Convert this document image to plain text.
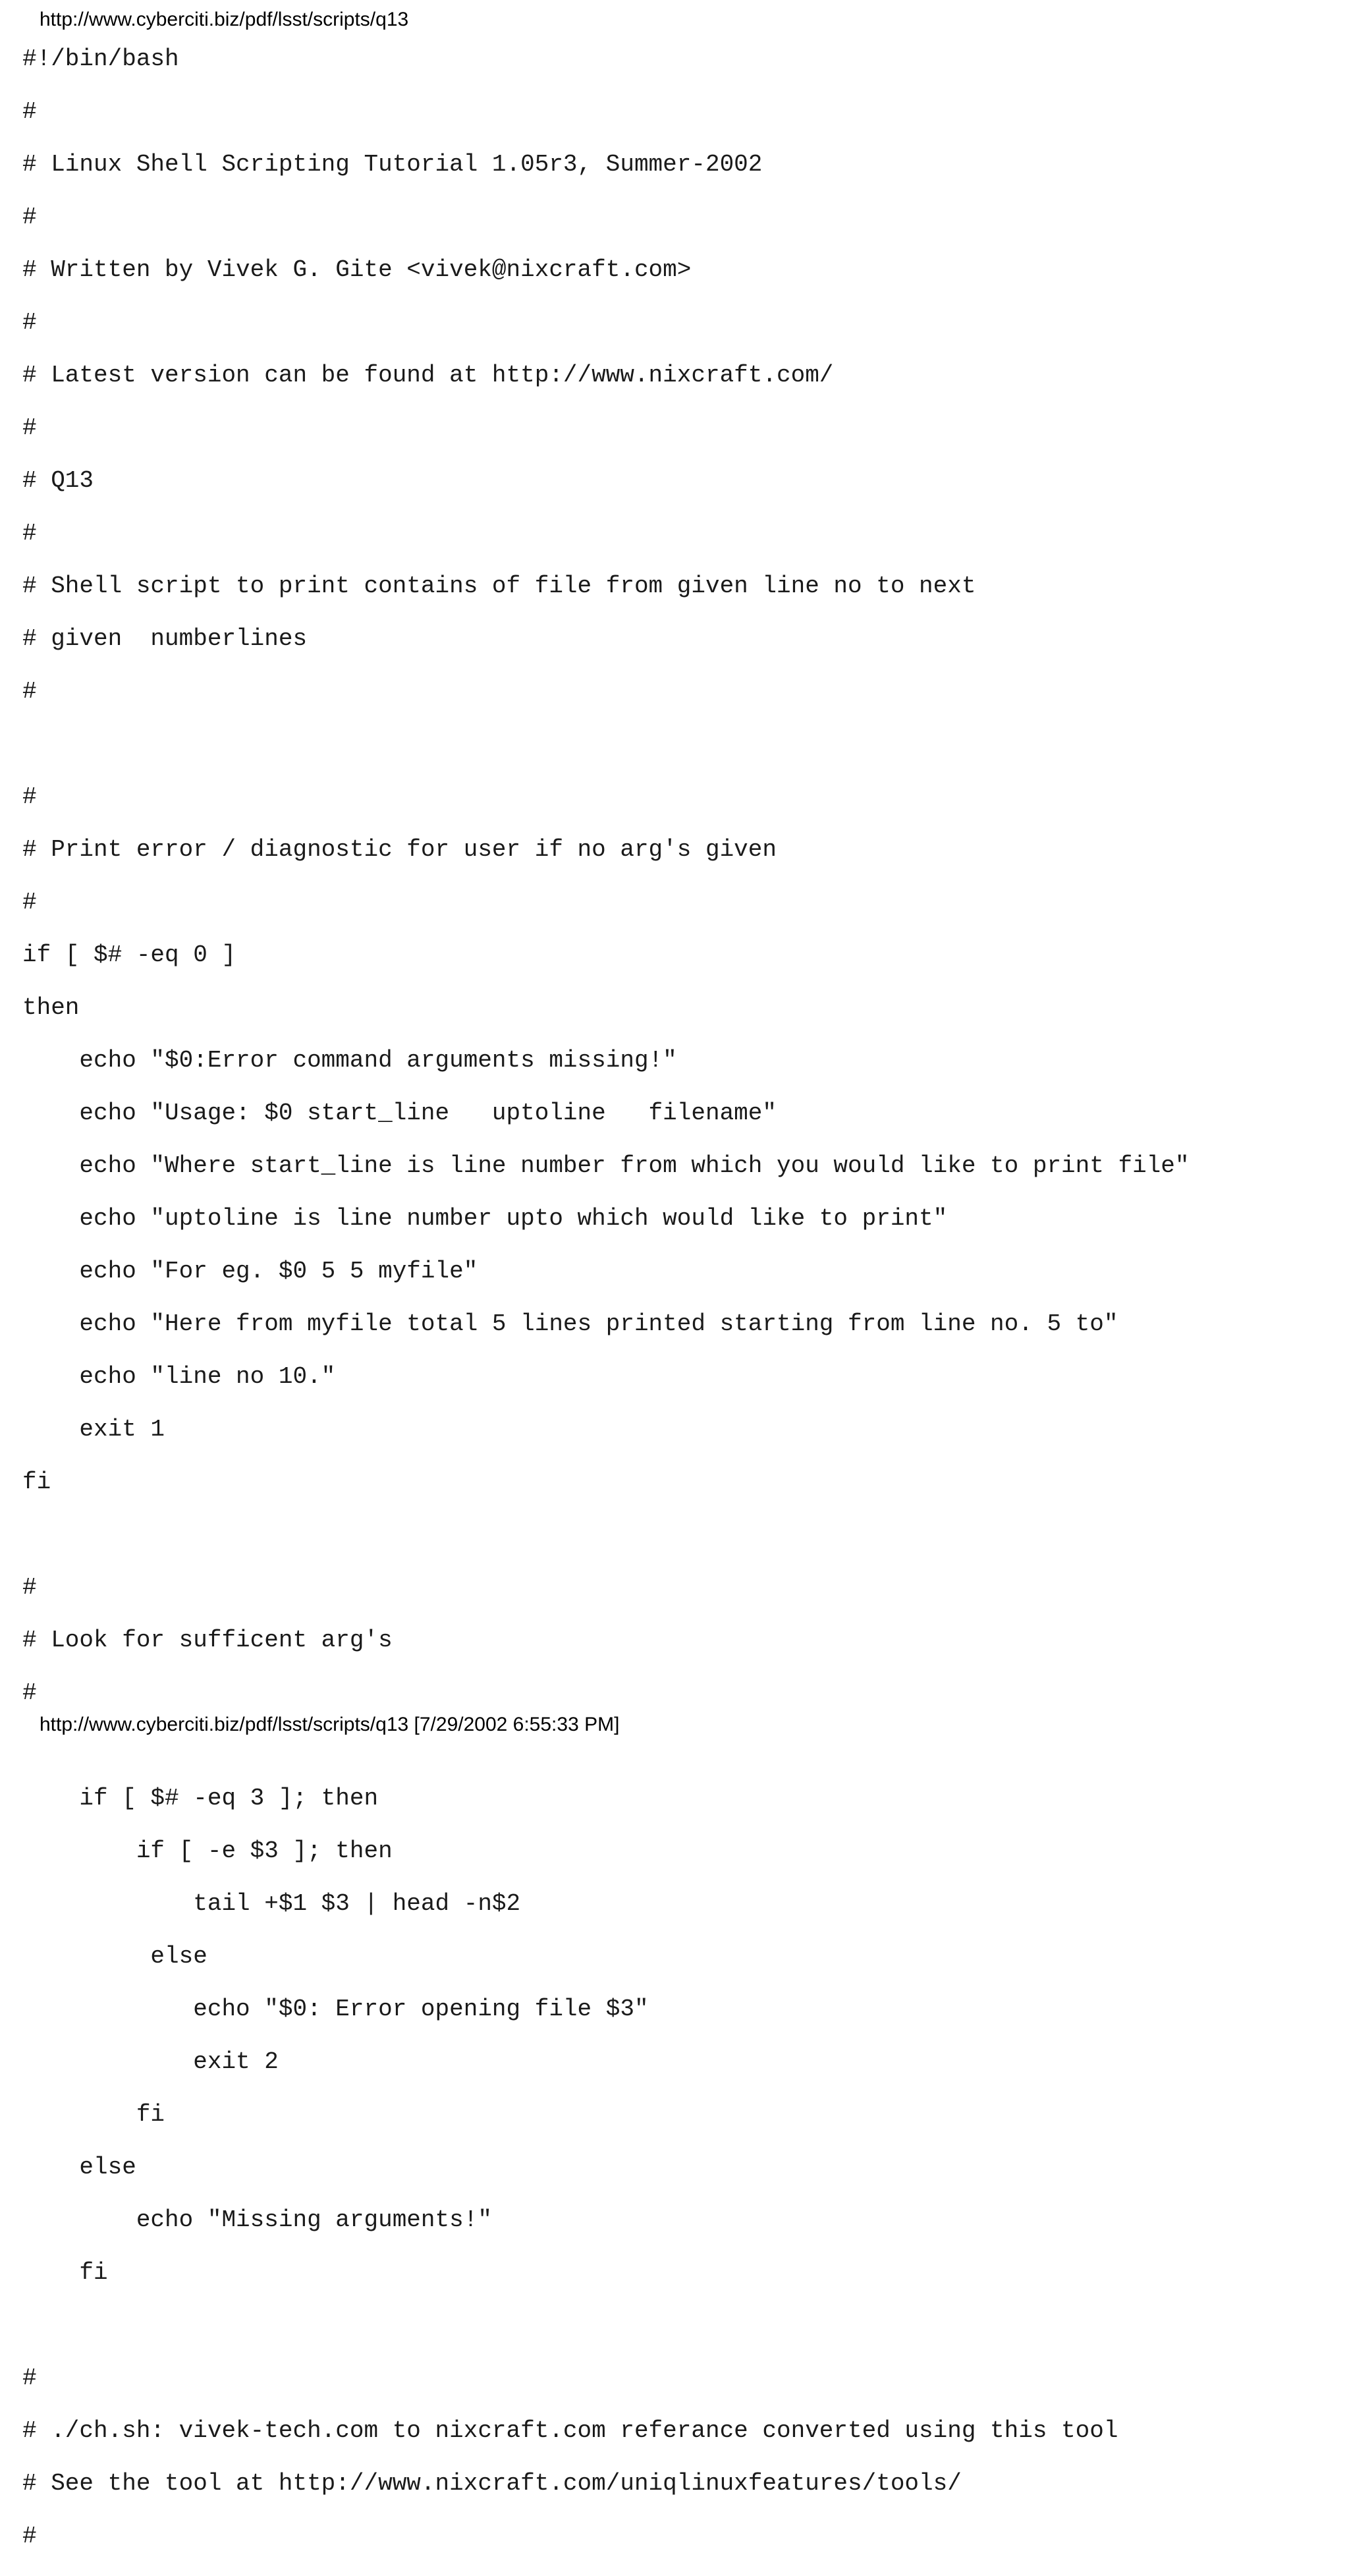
http://www.cyberciti.biz/pdf/lsst/scripts/q13
#!/bin/bash

#

# Linux Shell Scripting Tutorial 1.05r3, Summer-2002

#

# Written by Vivek G. Gite <vivek@nixcraft.com>

#

# Latest version can be found at http://www.nixcraft.com/

#

# Q13

#

# Shell script to print contains of file from given line no to next

# given  numberlines

#

#

# Print error / diagnostic for user if no arg's given

#

if [ $# -eq 0 ]

then

echo "$0:Error command arguments missing!"

echo "Usage: $0 start_line   uptoline   filename"

echo "Where start_line is line number from which you would like to print file"

echo "uptoline is line number upto which would like to print"

echo "For eg. $0 5 5 myfile"

echo "Here from myfile total 5 lines printed starting from line no. 5 to"

echo "line no 10."

exit 1

fi

#

# Look for sufficent arg's

#

if [ $# -eq 3 ]; then

if [ -e $3 ]; then

tail +$1 $3 | head -n$2

else

echo "$0: Error opening file $3"

exit 2

fi

else

echo "Missing arguments!"

fi

#

# ./ch.sh: vivek-tech.com to nixcraft.com referance converted using this tool

# See the tool at http://www.nixcraft.com/uniqlinuxfeatures/tools/

#

http://www.cyberciti.biz/pdf/lsst/scripts/q13 [7/29/2002 6:55:33 PM]
